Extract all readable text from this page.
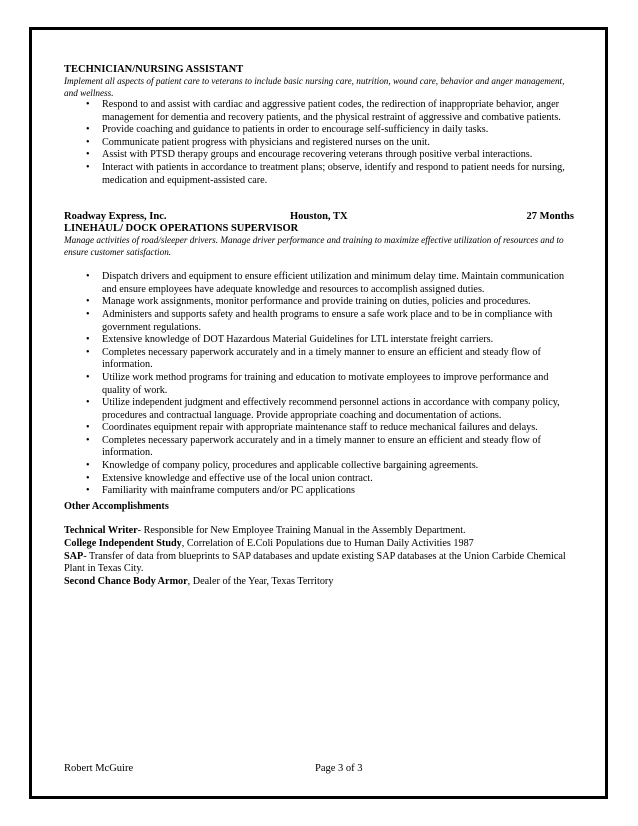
TECHNICIAN/NURSING ASSISTANT

Implement all aspects of patient care to veterans to include basic nursing care, nutrition, wound care, behavior and anger management, and wellness.

• Respond to and assist with cardiac and aggressive patient codes, the redirection of inappropriate behavior, anger management for dementia and recovery patients, and the physical restraint of aggressive and combative patients.
• Provide coaching and guidance to patients in order to encourage self-sufficiency in daily tasks.
• Communicate patient progress with physicians and registered nurses on the unit.
• Assist with PTSD therapy groups and encourage recovering veterans through positive verbal interactions.
• Interact with patients in accordance to treatment plans; observe, identify and respond to patient needs for nursing, medication and equipment-assisted care.
Roadway Express, Inc.	Houston, TX	27 Months

LINEHAUL/ DOCK OPERATIONS SUPERVISOR

Manage activities of road/sleeper drivers. Manage driver performance and training to maximize effective utilization of resources and to ensure customer satisfaction.

• Dispatch drivers and equipment to ensure efficient utilization and minimum delay time. Maintain communication and ensure employees have adequate knowledge and resources to accomplish assigned duties.
• Manage work assignments, monitor performance and provide training on duties, policies and procedures.
• Administers and supports safety and health programs to ensure a safe work place and to be in compliance with government regulations.
• Extensive knowledge of DOT Hazardous Material Guidelines for LTL interstate freight carriers.
• Completes necessary paperwork accurately and in a timely manner to ensure an efficient and steady flow of information.
• Utilize work method programs for training and education to motivate employees to improve performance and quality of work.
• Utilize independent judgment and effectively recommend personnel actions in accordance with company policy, procedures and contractual language. Provide appropriate coaching and documentation of actions.
• Coordinates equipment repair with appropriate maintenance staff to reduce mechanical failures and delays.
• Completes necessary paperwork accurately and in a timely manner to ensure an efficient and steady flow of information.
• Knowledge of company policy, procedures and applicable collective bargaining agreements.
• Extensive knowledge and effective use of the local union contract.
• Familiarity with mainframe computers and/or PC applications

Other Accomplishments

Technical Writer- Responsible for New Employee Training Manual in the Assembly Department.

College Independent Study, Correlation of E.Coli Populations due to Human Daily Activities 1987

SAP- Transfer of data from blueprints to SAP databases and update existing SAP databases at the Union Carbide Chemical Plant in Texas City.

Second Chance Body Armor, Dealer of the Year, Texas Territory

Robert McGuire	Page 3 of 3
